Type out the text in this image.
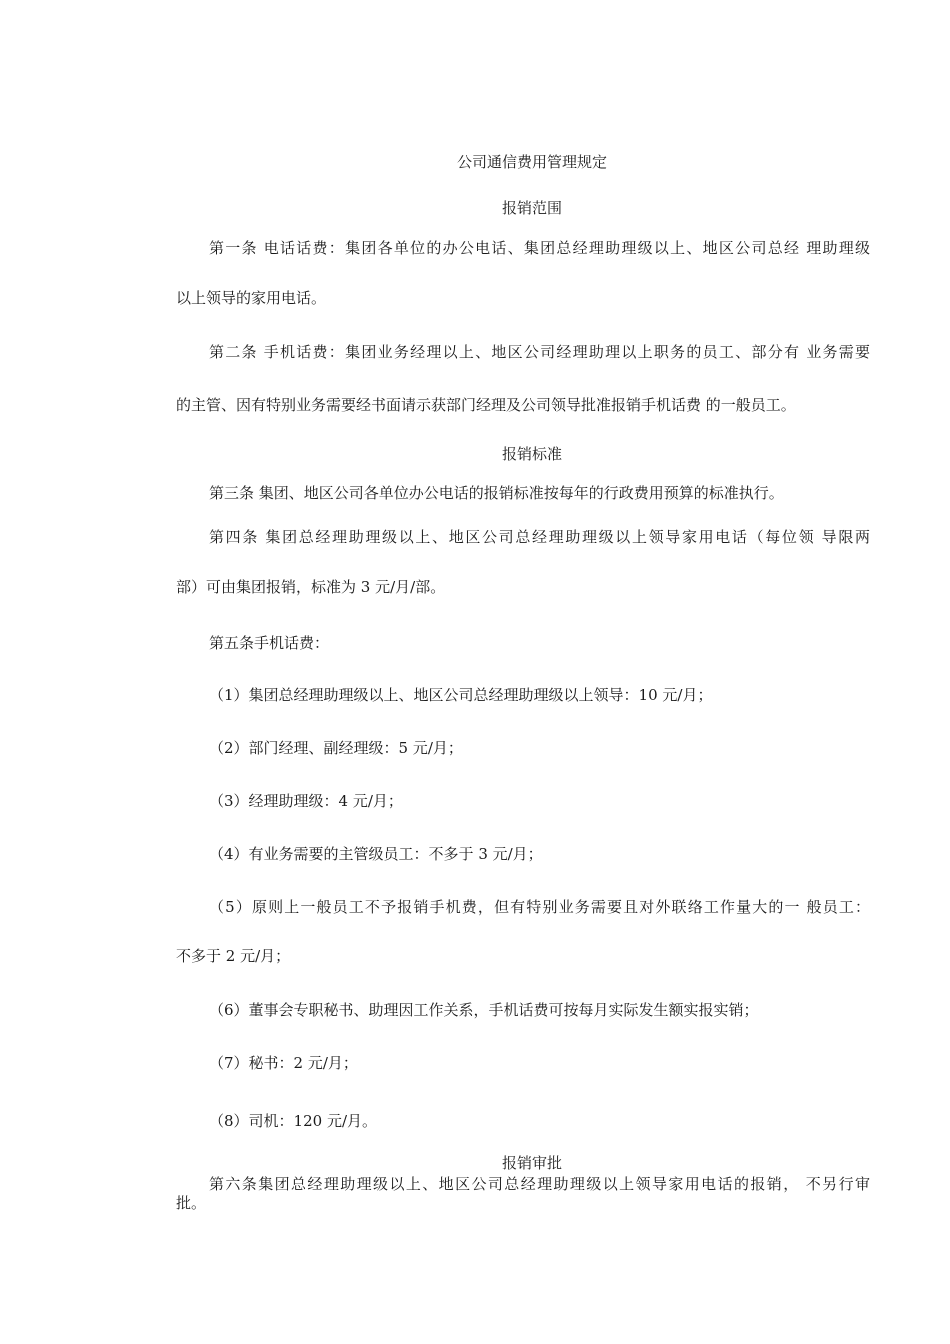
公司通信费用管理规定
报销范围
第一条 电话话费：集团各单位的办公电话、集团总经理助理级以上、地区公司总经 理助理级
以上领导的家用电话。
第二条 手机话费：集团业务经理以上、地区公司经理助理以上职务的员工、部分有 业务需要
的主管、因有特别业务需要经书面请示获部门经理及公司领导批准报销手机话费 的一般员工。
报销标准
第三条 集团、地区公司各单位办公电话的报销标准按每年的行政费用预算的标准执行。
第四条 集团总经理助理级以上、地区公司总经理助理级以上领导家用电话（每位领 导限两
部）可由集团报销，标准为 3 元/月/部。
第五条手机话费：
（1）集团总经理助理级以上、地区公司总经理助理级以上领导：10 元/月；
（2）部门经理、副经理级：5 元/月；
（3）经理助理级：4 元/月；
（4）有业务需要的主管级员工：不多于 3 元/月；
（5）原则上一般员工不予报销手机费，但有特别业务需要且对外联络工作量大的一 般员工：
不多于 2 元/月；
（6）董事会专职秘书、助理因工作关系，手机话费可按每月实际发生额实报实销；
（7）秘书：2 元/月；
（8）司机：120 元/月。
报销审批
第六条集团总经理助理级以上、地区公司总经理助理级以上领导家用电话的报销， 不另行审
批。
